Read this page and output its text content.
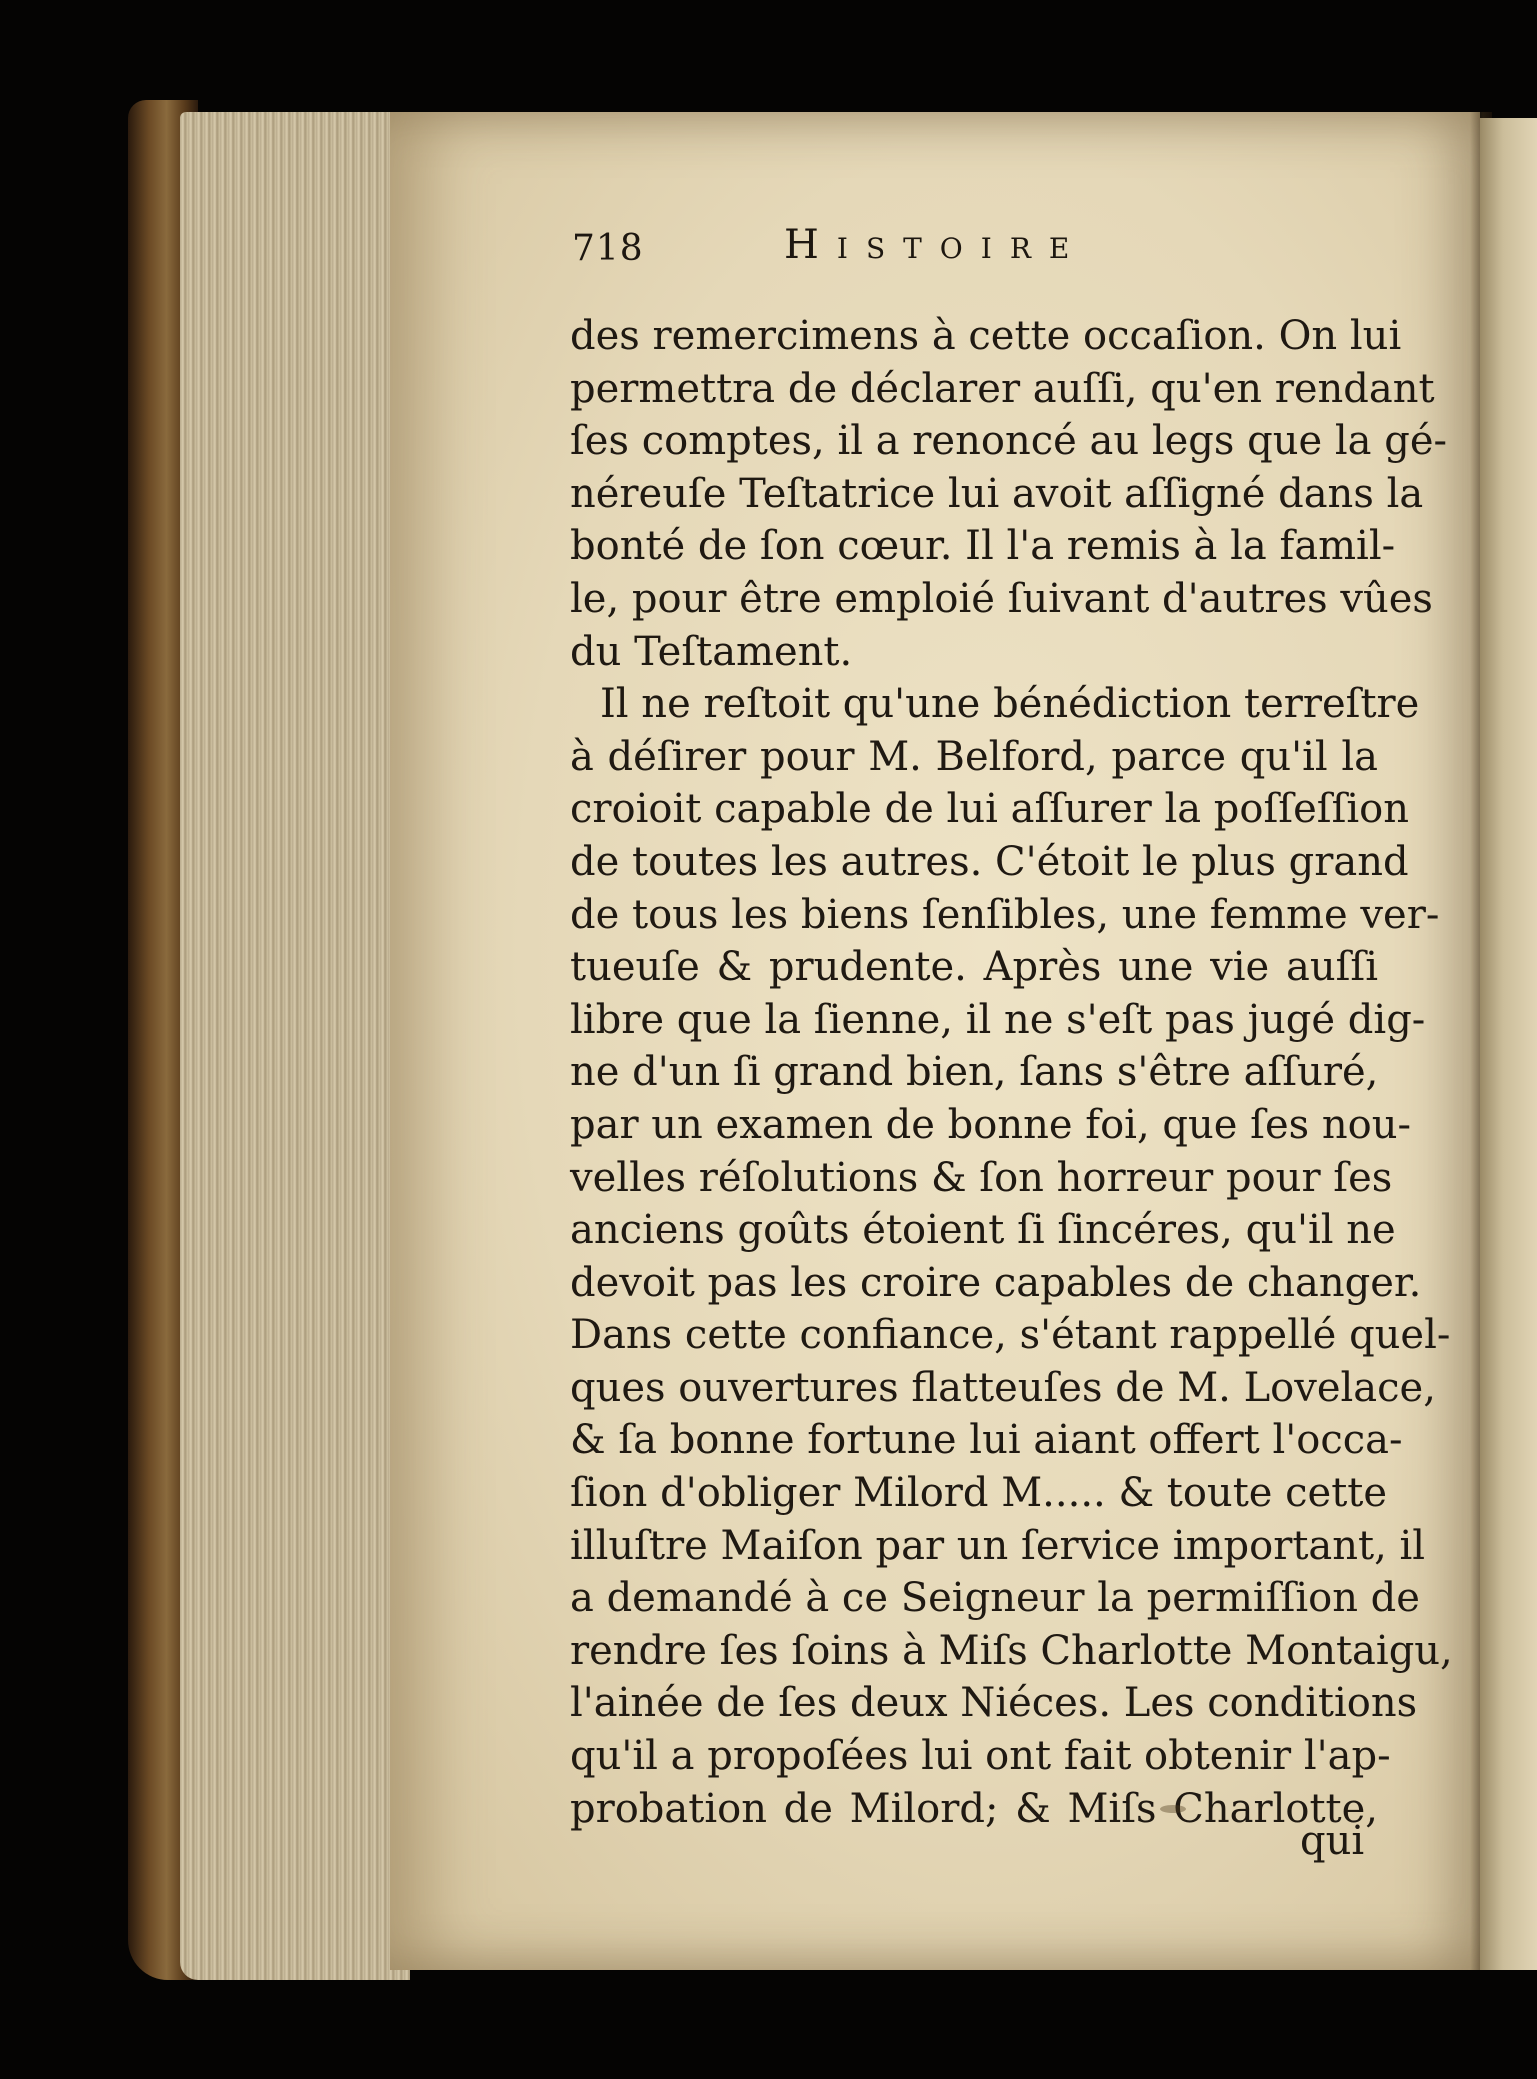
718	Histoire
des remercimens à cette occaſion. On lui
permettra de déclarer auſſi, qu'en rendant
ſes comptes, il a renoncé au legs que la gé-
néreuſe Teſtatrice lui avoit aſſigné dans la
bonté de ſon cœur. Il l'a remis à la famil-
le, pour être emploié ſuivant d'autres vûes
du Teſtament.
Il ne reſtoit qu'une bénédiction terreſtre
à déſirer pour M. Belford, parce qu'il la
croioit capable de lui aſſurer la poſſeſſion
de toutes les autres. C'étoit le plus grand
de tous les biens ſenſibles, une femme ver-
tueuſe & prudente. Après une vie auſſi
libre que la ſienne, il ne s'eſt pas jugé dig-
ne d'un ſi grand bien, ſans s'être aſſuré,
par un examen de bonne foi, que ſes nou-
velles réſolutions & ſon horreur pour ſes
anciens goûts étoient ſi ſincéres, qu'il ne
devoit pas les croire capables de changer.
Dans cette confiance, s'étant rappellé quel-
ques ouvertures flatteuſes de M. Lovelace,
& ſa bonne fortune lui aiant offert l'occa-
ſion d'obliger Milord M..... & toute cette
illuſtre Maiſon par un ſervice important, il
a demandé à ce Seigneur la permiſſion de
rendre ſes ſoins à Miſs Charlotte Montaigu,
l'ainée de ſes deux Niéces. Les conditions
qu'il a propoſées lui ont fait obtenir l'ap-
probation de Milord; & Miſs Charlotte,
qui
